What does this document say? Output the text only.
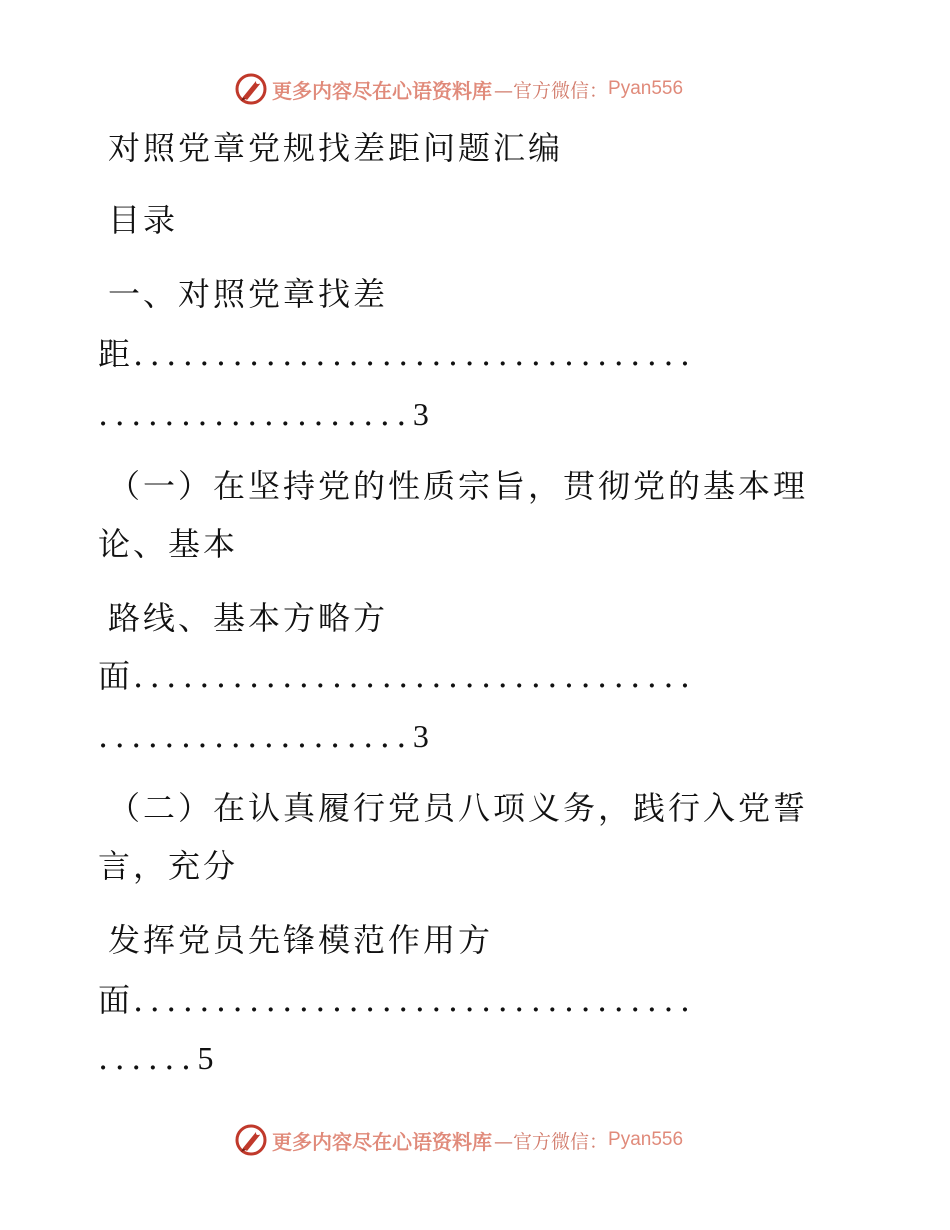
更多内容尽在心语资料库 —官方微信： Pyan556
对照党章党规找差距问题汇编
目录
一、对照党章找差
距..................................
...................3
（一）在坚持党的性质宗旨，贯彻党的基本理
论、基本
路线、基本方略方
面..................................
...................3
（二）在认真履行党员八项义务，践行入党誓
言，充分
发挥党员先锋模范作用方
面..................................
......5
更多内容尽在心语资料库 —官方微信： Pyan556
